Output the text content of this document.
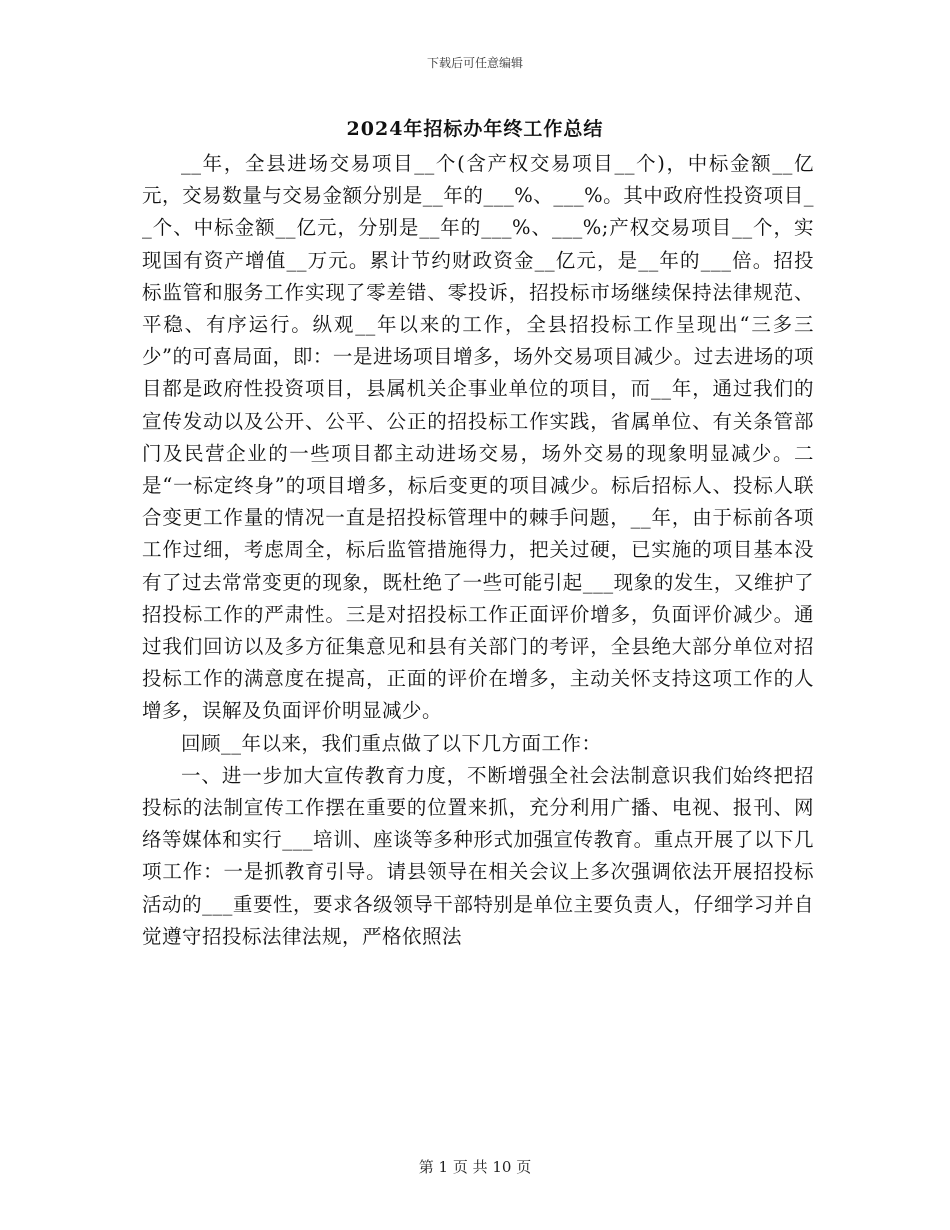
下载后可任意编辑
2024年招标办年终工作总结

__年，全县进场交易项目__个(含产权交易项目__个)，中标金额__亿元，交易数量与交易金额分别是__年的___%、___%。其中政府性投资项目__个、中标金额__亿元，分别是__年的___%、___%;产权交易项目__个，实现国有资产增值__万元。累计节约财政资金__亿元，是__年的___倍。招投标监管和服务工作实现了零差错、零投诉，招投标市场继续保持法律规范、平稳、有序运行。纵观__年以来的工作，全县招投标工作呈现出“三多三少”的可喜局面，即：一是进场项目增多，场外交易项目减少。过去进场的项目都是政府性投资项目，县属机关企事业单位的项目，而__年，通过我们的宣传发动以及公开、公平、公正的招投标工作实践，省属单位、有关条管部门及民营企业的一些项目都主动进场交易，场外交易的现象明显减少。二是“一标定终身”的项目增多，标后变更的项目减少。标后招标人、投标人联合变更工作量的情况一直是招投标管理中的棘手问题，__年，由于标前各项工作过细，考虑周全，标后监管措施得力，把关过硬，已实施的项目基本没有了过去常常变更的现象，既杜绝了一些可能引起___现象的发生，又维护了招投标工作的严肃性。三是对招投标工作正面评价增多，负面评价减少。通过我们回访以及多方征集意见和县有关部门的考评，全县绝大部分单位对招投标工作的满意度在提高，正面的评价在增多，主动关怀支持这项工作的人增多，误解及负面评价明显减少。

回顾__年以来，我们重点做了以下几方面工作：

一、进一步加大宣传教育力度，不断增强全社会法制意识我们始终把招投标的法制宣传工作摆在重要的位置来抓，充分利用广播、电视、报刊、网络等媒体和实行___培训、座谈等多种形式加强宣传教育。重点开展了以下几项工作：一是抓教育引导。请县领导在相关会议上多次强调依法开展招投标活动的___重要性，要求各级领导干部特别是单位主要负责人，仔细学习并自觉遵守招投标法律法规，严格依照法

第 1 页 共 10 页
